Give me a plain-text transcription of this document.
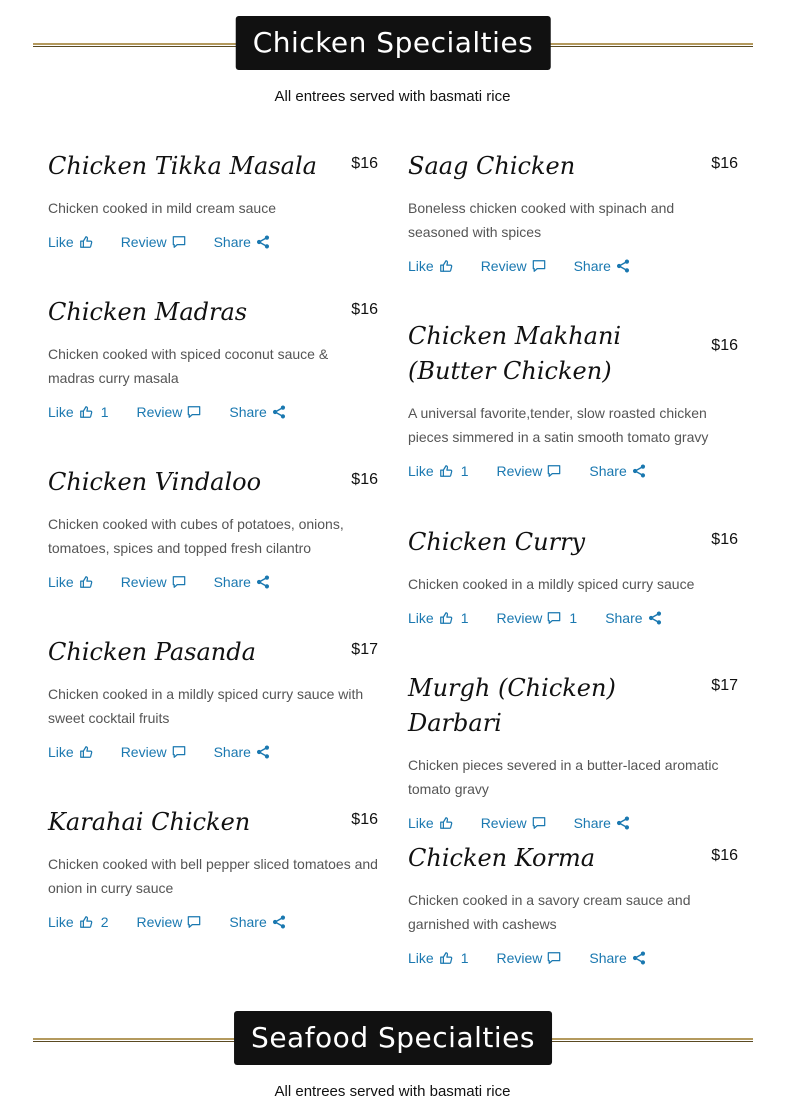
Chicken Specialties
All entrees served with basmati rice
$16
Chicken Tikka Masala
Chicken cooked in mild cream sauce
Like	Review	Share
$16
Chicken Madras
Chicken cooked with spiced coconut sauce & madras curry masala
Like 1 Review	Share
$16
Chicken Vindaloo
Chicken cooked with cubes of potatoes, onions, tomatoes, spices and topped fresh cilantro
Like	Review	Share
$17
Chicken Pasanda
Chicken cooked in a mildly spiced curry sauce with sweet cocktail fruits
Like	Review	Share
$16
Karahai Chicken
Chicken cooked with bell pepper sliced tomatoes and onion in curry sauce
Like 2 Review	Share
$16
Saag Chicken
Boneless chicken cooked with spinach and seasoned with spices
Like	Review	Share
$16
Chicken Makhani (Butter Chicken)
A universal favorite,tender, slow roasted chicken pieces simmered in a satin smooth tomato gravy
Like 1 Review	Share
$16
Chicken Curry
Chicken cooked in a mildly spiced curry sauce
Like 1 Review 1 Share
$17
Murgh (Chicken) Darbari
Chicken pieces severed in a butter-laced aromatic tomato gravy
Like	Review	Share
$16
Chicken Korma
Chicken cooked in a savory cream sauce and garnished with cashews
Like 1 Review	Share
Seafood Specialties
All entrees served with basmati rice
